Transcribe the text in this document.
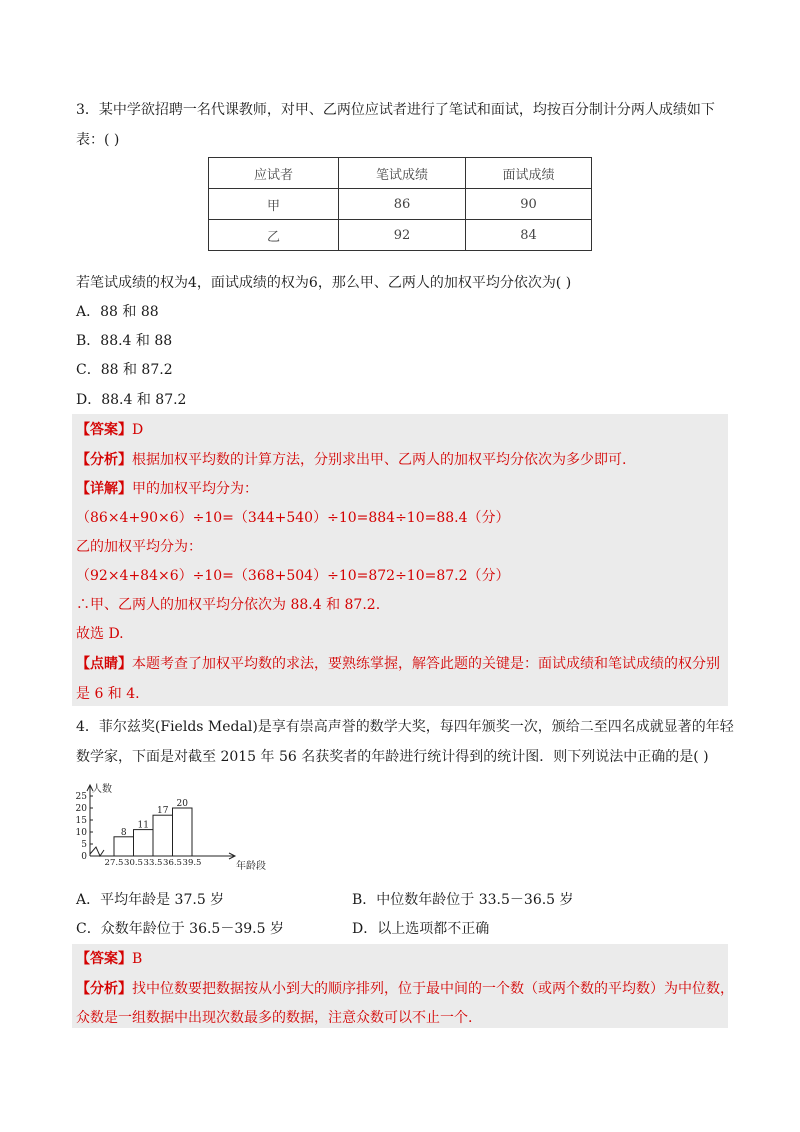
3．某中学欲招聘一名代课教师，对甲、乙两位应试者进行了笔试和面试，均按百分制计分两人成绩如下
表：( )
应试者	笔试成绩	面试成绩
甲	86	90
乙	92	84
若笔试成绩的权为4，面试成绩的权为6，那么甲、乙两人的加权平均分依次为( )
A．88 和 88
B．88.4 和 88
C．88 和 87.2
D．88.4 和 87.2
【答案】D
【分析】根据加权平均数的计算方法，分别求出甲、乙两人的加权平均分依次为多少即可.
【详解】甲的加权平均分为：
（86×4+90×6）÷10=（344+540）÷10=884÷10=88.4（分）
乙的加权平均分为：
（92×4+84×6）÷10=（368+504）÷10=872÷10=87.2（分）
∴甲、乙两人的加权平均分依次为 88.4 和 87.2.
故选 D.
【点睛】本题考查了加权平均数的求法，要熟练掌握，解答此题的关键是：面试成绩和笔试成绩的权分别
是 6 和 4.
4．菲尔兹奖(Fields Medal)是享有崇高声誉的数学大奖，每四年颁奖一次，颁给二至四名成就显著的年轻
数学家，下面是对截至 2015 年 56 名获奖者的年龄进行统计得到的统计图．则下列说法中正确的是( )
0
5
10
15
20
25
27.5 30.5 33.5 36.5 39.5
8
11
17
20
人数
年龄段
A．平均年龄是 37.5 岁	B．中位数年龄位于 33.5－36.5 岁
C．众数年龄位于 36.5－39.5 岁	D．以上选项都不正确
【答案】B
【分析】找中位数要把数据按从小到大的顺序排列，位于最中间的一个数（或两个数的平均数）为中位数，
众数是一组数据中出现次数最多的数据，注意众数可以不止一个.
